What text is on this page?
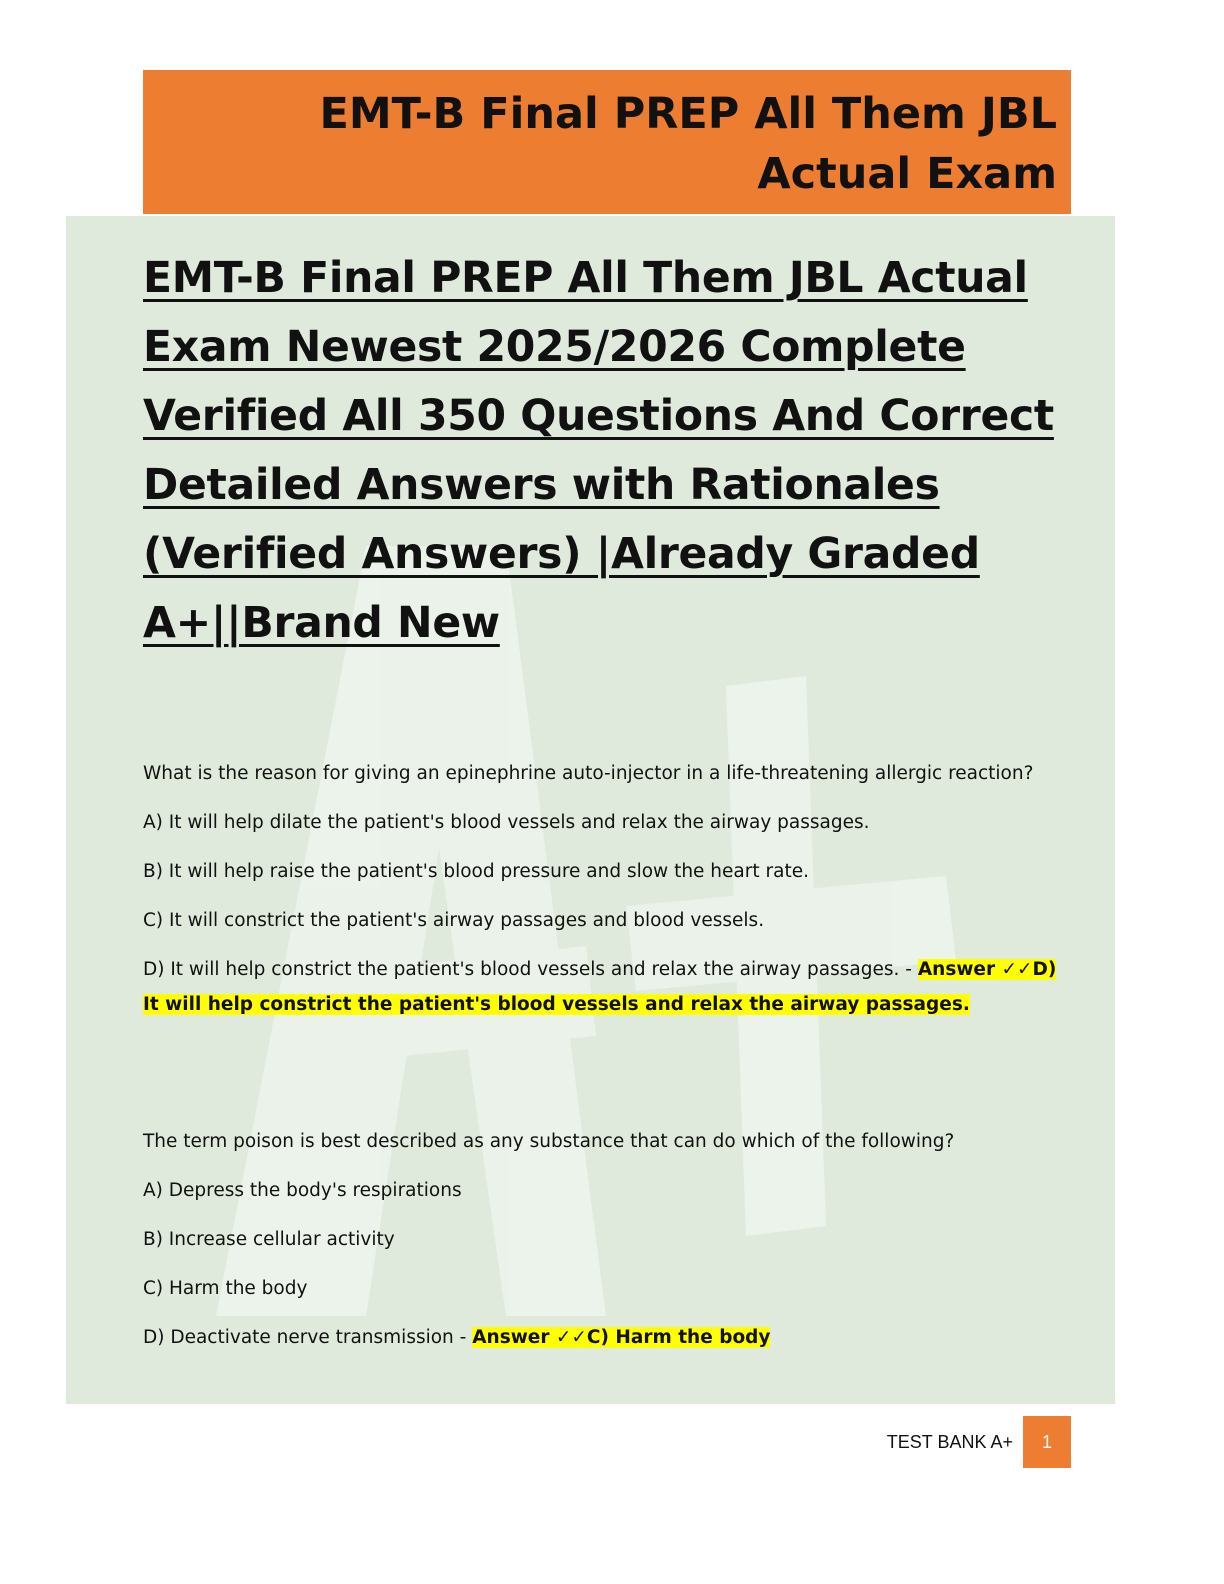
EMT-B Final PREP All Them JBL
Actual Exam
EMT-B Final PREP All Them JBL Actual Exam Newest 2025/2026 Complete Verified All 350 Questions And Correct Detailed Answers with Rationales (Verified Answers) |Already Graded A+||Brand New

What is the reason for giving an epinephrine auto-injector in a life-threatening allergic reaction?

A) It will help dilate the patient's blood vessels and relax the airway passages.

B) It will help raise the patient's blood pressure and slow the heart rate.

C) It will constrict the patient's airway passages and blood vessels.

D) It will help constrict the patient's blood vessels and relax the airway passages. - Answer ✓✓D) It will help constrict the patient's blood vessels and relax the airway passages.

The term poison is best described as any substance that can do which of the following?

A) Depress the body's respirations

B) Increase cellular activity

C) Harm the body

D) Deactivate nerve transmission - Answer ✓✓C) Harm the body

TEST BANK A+	1
